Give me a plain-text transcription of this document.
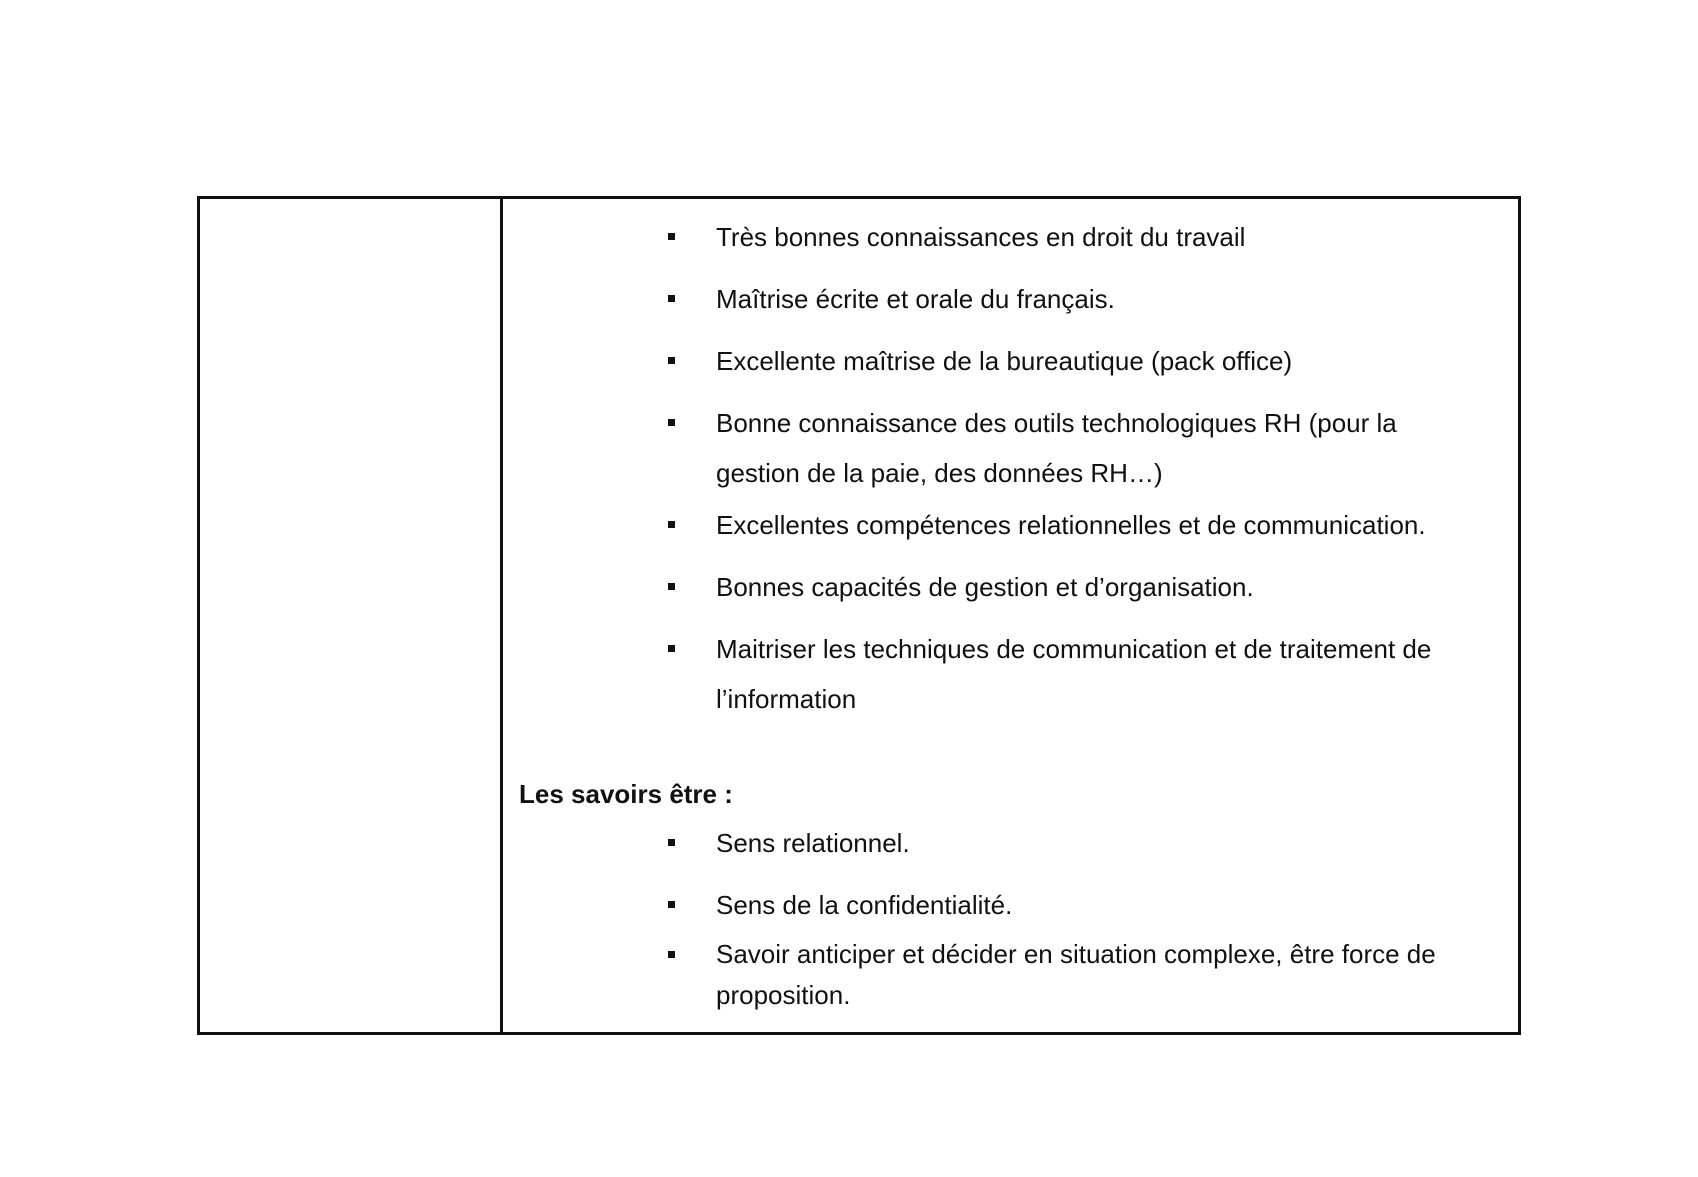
Très bonnes connaissances en droit du travail
Maîtrise écrite et orale du français.
Excellente maîtrise de la bureautique (pack office)
Bonne connaissance des outils technologiques RH (pour la
gestion de la paie, des données RH…)
Excellentes compétences relationnelles et de communication.
Bonnes capacités de gestion et d’organisation.
Maitriser les techniques de communication et de traitement de
l’information
Les savoirs être :
Sens relationnel.
Sens de la confidentialité.
Savoir anticiper et décider en situation complexe, être force de
proposition.
